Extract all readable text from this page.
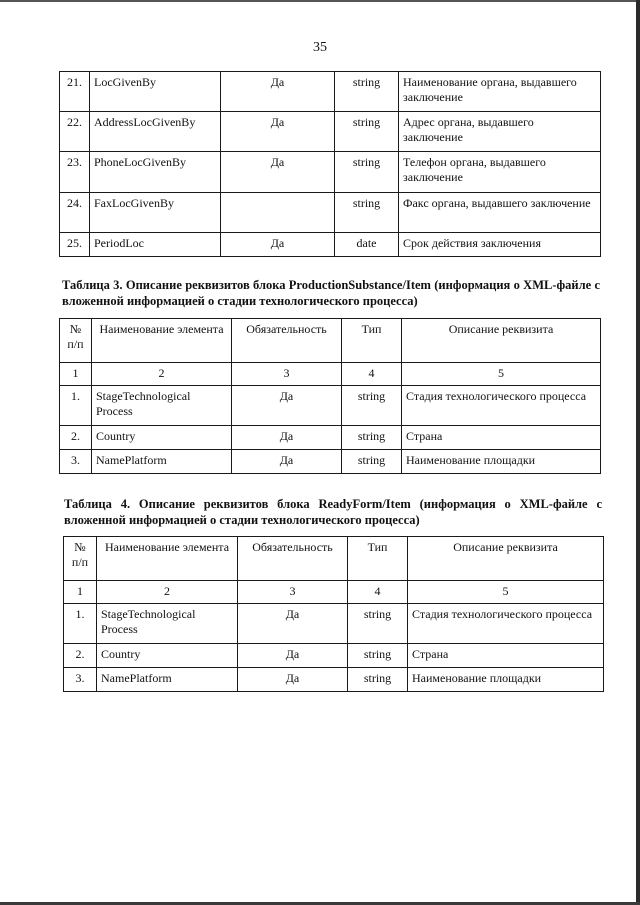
35
21.	LocGivenBy	Да	string	Наименование органа, выдавшего заключение
22.	AddressLocGivenBy	Да	string	Адрес органа, выдавшего заключение
23.	PhoneLocGivenBy	Да	string	Телефон органа, выдавшего заключение
24.	FaxLocGivenBy		string	Факс органа, выдавшего заключение
25.	PeriodLoc	Да	date	Срок действия заключения

Таблица 3. Описание реквизитов блока ProductionSubstance/Item (информация о XML-файле с вложенной информацией о стадии технологического процесса)

№ п/п	Наименование элемента	Обязательность	Тип	Описание реквизита
1	2	3	4	5
1.	StageTechnological Process	Да	string	Стадия технологического процесса
2.	Country	Да	string	Страна
3.	NamePlatform	Да	string	Наименование площадки

Таблица 4. Описание реквизитов блока ReadyForm/Item (информация о XML-файле с вложенной информацией о стадии технологического процесса)

№ п/п	Наименование элемента	Обязательность	Тип	Описание реквизита
1	2	3	4	5
1.	StageTechnological Process	Да	string	Стадия технологического процесса
2.	Country	Да	string	Страна
3.	NamePlatform	Да	string	Наименование площадки
